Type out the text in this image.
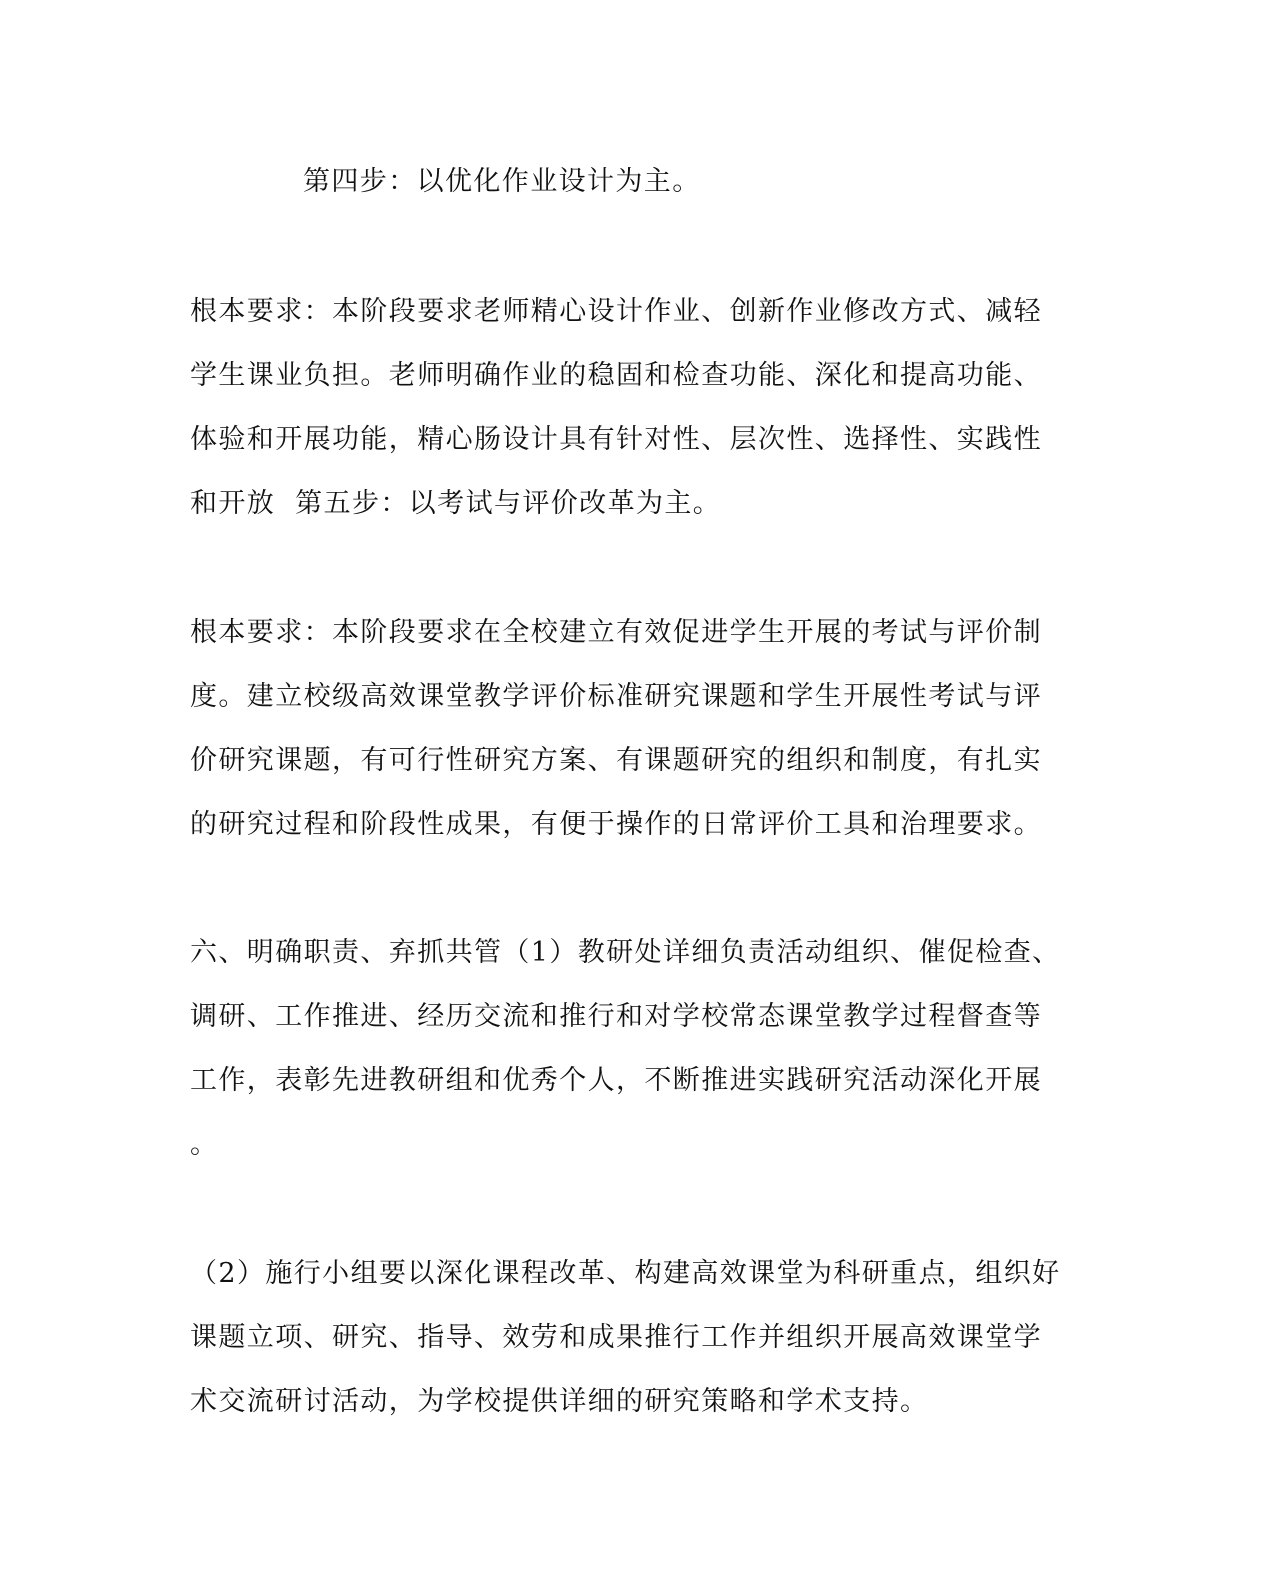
第四步：以优化作业设计为主。
根本要求：本阶段要求老师精心设计作业、创新作业修改方式、减轻
学生课业负担。老师明确作业的稳固和检查功能、深化和提高功能、
体验和开展功能，精心肠设计具有针对性、层次性、选择性、实践性
和开放  第五步：以考试与评价改革为主。
根本要求：本阶段要求在全校建立有效促进学生开展的考试与评价制
度。建立校级高效课堂教学评价标准研究课题和学生开展性考试与评
价研究课题，有可行性研究方案、有课题研究的组织和制度，有扎实
的研究过程和阶段性成果，有便于操作的日常评价工具和治理要求。
六、明确职责、弃抓共管（1）教研处详细负责活动组织、催促检查、
调研、工作推进、经历交流和推行和对学校常态课堂教学过程督查等
工作，表彰先进教研组和优秀个人，不断推进实践研究活动深化开展
。
（2）施行小组要以深化课程改革、构建高效课堂为科研重点，组织好
课题立项、研究、指导、效劳和成果推行工作并组织开展高效课堂学
术交流研讨活动，为学校提供详细的研究策略和学术支持。
